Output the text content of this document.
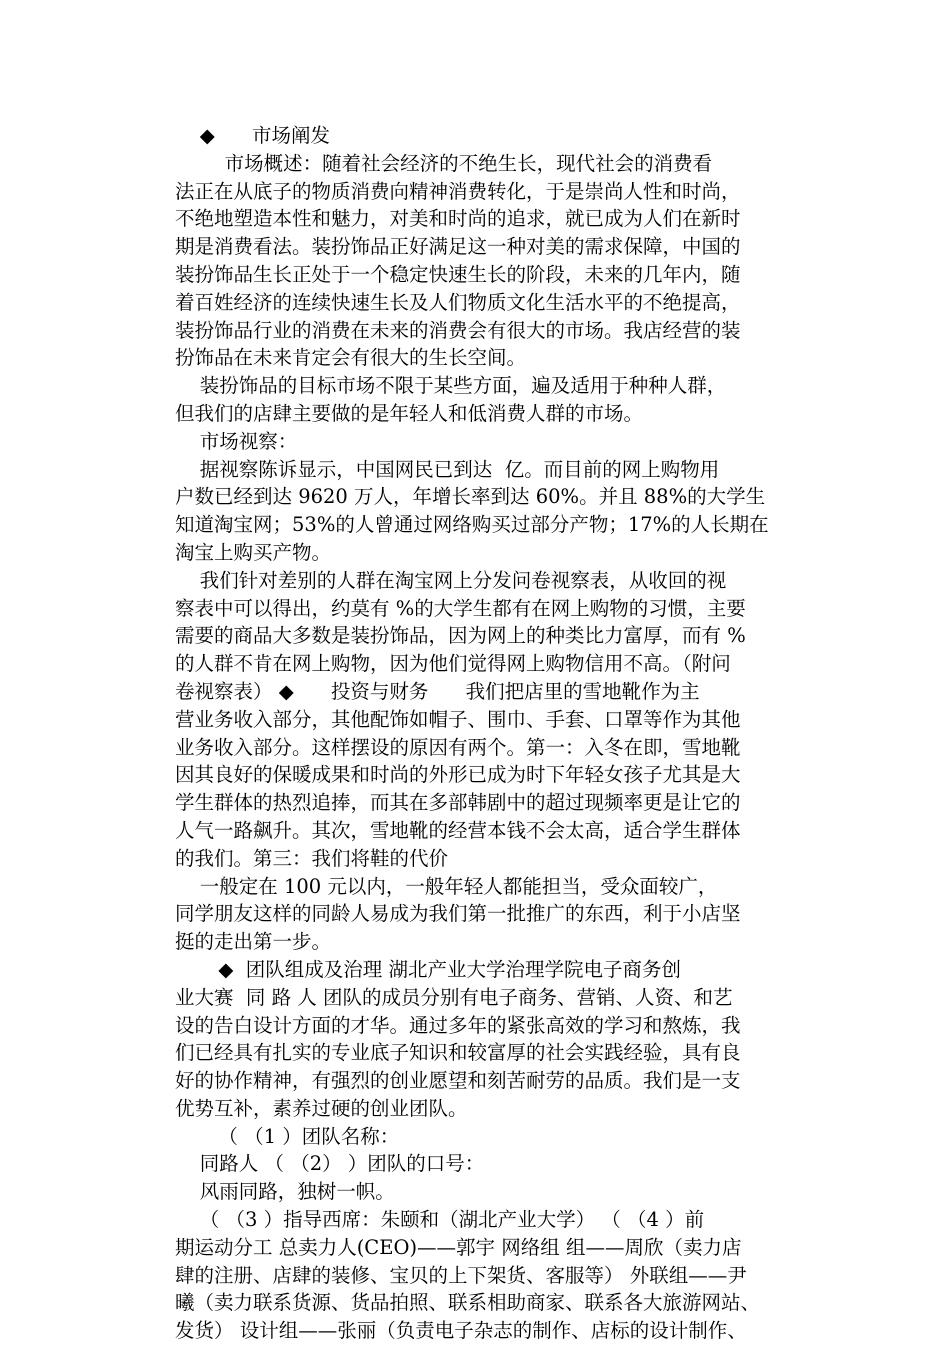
◆      市场阐发
市场概述：随着社会经济的不绝生长，现代社会的消费看
法正在从底子的物质消费向精神消费转化，于是崇尚人性和时尚，
不绝地塑造本性和魅力，对美和时尚的追求，就已成为人们在新时
期是消费看法。装扮饰品正好满足这一种对美的需求保障，中国的
装扮饰品生长正处于一个稳定快速生长的阶段，未来的几年内，随
着百姓经济的连续快速生长及人们物质文化生活水平的不绝提高，
装扮饰品行业的消费在未来的消费会有很大的市场。我店经营的装
扮饰品在未来肯定会有很大的生长空间。
装扮饰品的目标市场不限于某些方面，遍及适用于种种人群，
但我们的店肆主要做的是年轻人和低消费人群的市场。
市场视察：
据视察陈诉显示，中国网民已到达  亿。而目前的网上购物用
户数已经到达 9620 万人，年增长率到达 60%。并且 88%的大学生
知道淘宝网；53%的人曾通过网络购买过部分产物；17%的人长期在
淘宝上购买产物。
我们针对差别的人群在淘宝网上分发问卷视察表，从收回的视
察表中可以得出，约莫有 %的大学生都有在网上购物的习惯，主要
需要的商品大多数是装扮饰品，因为网上的种类比力富厚，而有 %
的人群不肯在网上购物，因为他们觉得网上购物信用不高。（附问
卷视察表） ◆      投资与财务      我们把店里的雪地靴作为主
营业务收入部分，其他配饰如帽子、围巾、手套、口罩等作为其他
业务收入部分。这样摆设的原因有两个。第一：入冬在即，雪地靴
因其良好的保暖成果和时尚的外形已成为时下年轻女孩子尤其是大
学生群体的热烈追捧，而其在多部韩剧中的超过现频率更是让它的
人气一路飙升。其次，雪地靴的经营本钱不会太高，适合学生群体
的我们。第三：我们将鞋的代价
一般定在 100 元以内，一般年轻人都能担当，受众面较广，
同学朋友这样的同龄人易成为我们第一批推广的东西，利于小店坚
挺的走出第一步。
◆  团队组成及治理 湖北产业大学治理学院电子商务创
业大赛  同 路 人 团队的成员分别有电子商务、营销、人资、和艺
设的告白设计方面的才华。通过多年的紧张高效的学习和熬炼，我
们已经具有扎实的专业底子知识和较富厚的社会实践经验，具有良
好的协作精神，有强烈的创业愿望和刻苦耐劳的品质。我们是一支
优势互补，素养过硬的创业团队。
（ （1 ）团队名称：
同路人 （ （2） ）团队的口号：
风雨同路，独树一帜。
（ （3 ）指导西席：朱颐和（湖北产业大学） （ （4 ）前
期运动分工 总卖力人(CEO)——郭宇 网络组 组——周欣（卖力店
肆的注册、店肆的装修、宝贝的上下架货、客服等） 外联组——尹
曦（卖力联系货源、货品拍照、联系相助商家、联系各大旅游网站、
发货） 设计组——张丽（负责电子杂志的制作、店标的设计制作、
